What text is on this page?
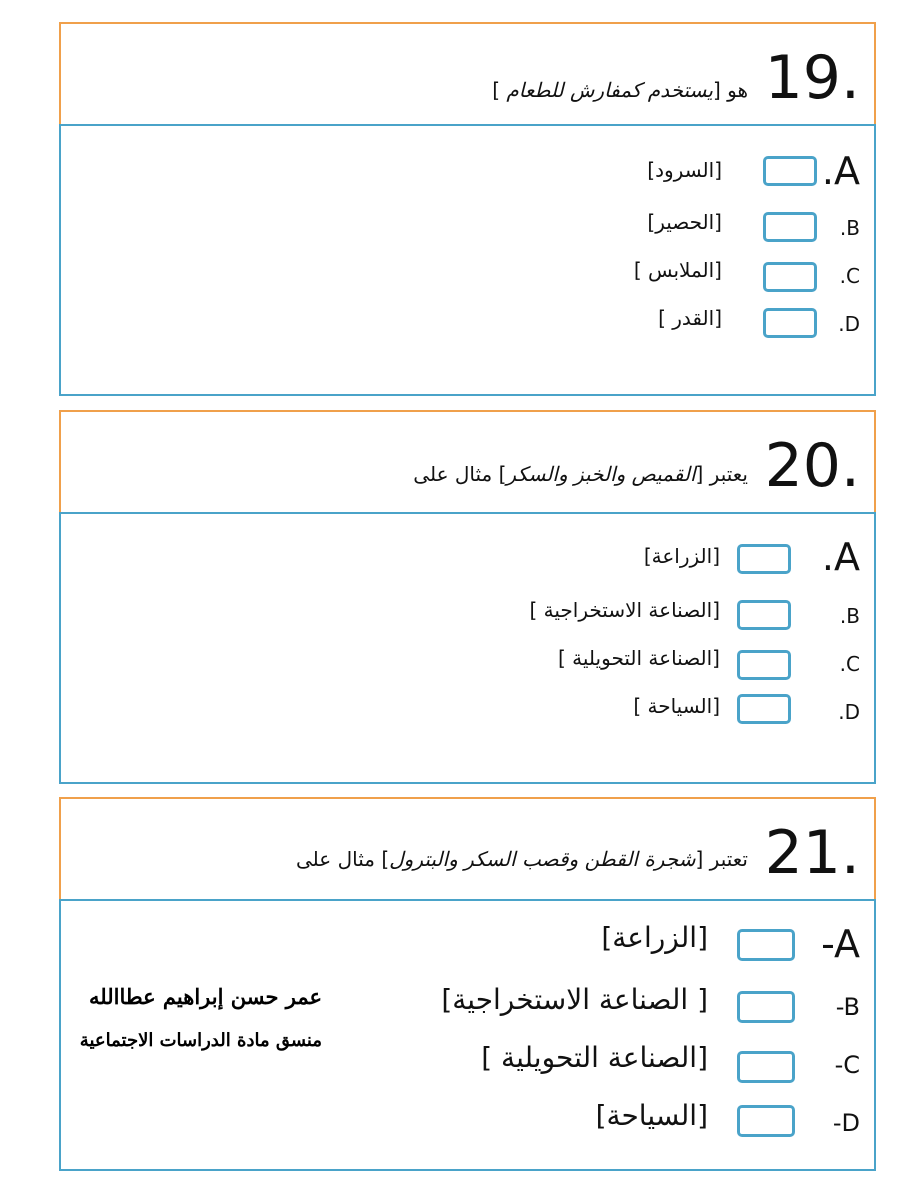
19.
هو [يستخدم كمفارش للطعام ]
.A
[السرود]
.B
[الحصير]
.C
[الملابس ]
.D
[القدر ]
20.
يعتبر [القميص والخبز والسكر] مثال على
.A
[الزراعة]
.B
[الصناعة الاستخراجية ]
.C
[الصناعة التحويلية ]
.D
[السياحة ]
21.
تعتبر [شجرة القطن وقصب السكر والبترول] مثال على
-A
[الزراعة]
-B
[ الصناعة الاستخراجية]
-C
[الصناعة التحويلية ]
-D
[السياحة]
عمر حسن إبراهيم عطاالله
منسق مادة الدراسات الاجتماعية
